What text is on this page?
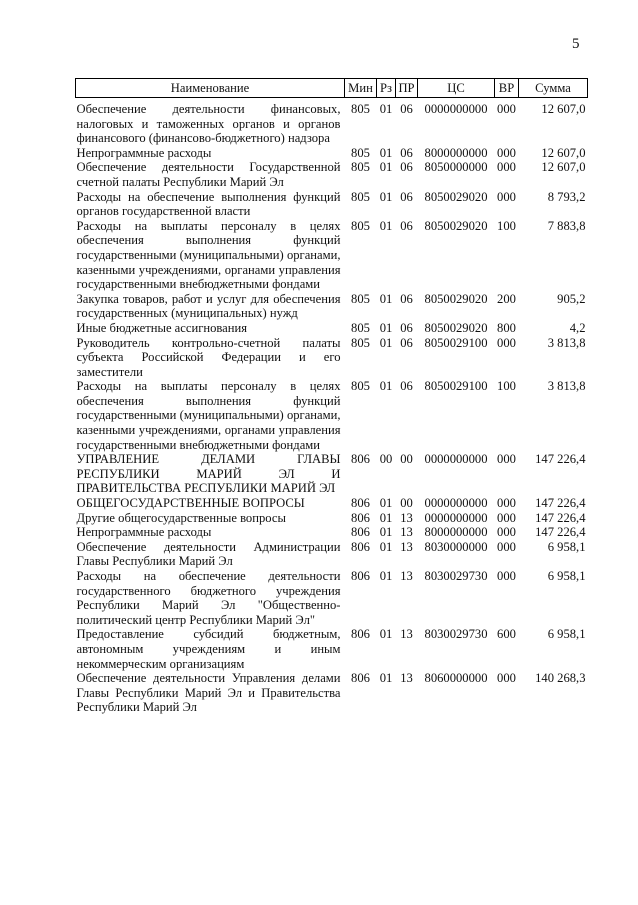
5
Наименование	Мин	Рз	ПР	ЦС	ВР	Сумма
Обеспечение деятельности финансовых, налоговых и таможенных органов и органов финансового (финансово-бюджетного) надзора	805	01	06	0000000000	000	12 607,0
Непрограммные расходы	805	01	06	8000000000	000	12 607,0
Обеспечение деятельности Государственной счетной палаты Республики Марий Эл	805	01	06	8050000000	000	12 607,0
Расходы на обеспечение выполнения функций органов государственной власти	805	01	06	8050029020	000	8 793,2
Расходы на выплаты персоналу в целях обеспечения выполнения функций государственными (муниципальными) органами, казенными учреждениями, органами управления государственными внебюджетными фондами	805	01	06	8050029020	100	7 883,8
Закупка товаров, работ и услуг для обеспечения государственных (муниципальных) нужд	805	01	06	8050029020	200	905,2
Иные бюджетные ассигнования	805	01	06	8050029020	800	4,2
Руководитель контрольно-счетной палаты субъекта Российской Федерации и его заместители	805	01	06	8050029100	000	3 813,8
Расходы на выплаты персоналу в целях обеспечения выполнения функций государственными (муниципальными) органами, казенными учреждениями, органами управления государственными внебюджетными фондами	805	01	06	8050029100	100	3 813,8
УПРАВЛЕНИЕ ДЕЛАМИ ГЛАВЫ РЕСПУБЛИКИ МАРИЙ ЭЛ И ПРАВИТЕЛЬСТВА РЕСПУБЛИКИ МАРИЙ ЭЛ	806	00	00	0000000000	000	147 226,4
ОБЩЕГОСУДАРСТВЕННЫЕ ВОПРОСЫ	806	01	00	0000000000	000	147 226,4
Другие общегосударственные вопросы	806	01	13	0000000000	000	147 226,4
Непрограммные расходы	806	01	13	8000000000	000	147 226,4
Обеспечение деятельности Администрации Главы Республики Марий Эл	806	01	13	8030000000	000	6 958,1
Расходы на обеспечение деятельности государственного бюджетного учреждения Республики Марий Эл "Общественно-политический центр Республики Марий Эл"	806	01	13	8030029730	000	6 958,1
Предоставление субсидий бюджетным, автономным учреждениям и иным некоммерческим организациям	806	01	13	8030029730	600	6 958,1
Обеспечение деятельности Управления делами Главы Республики Марий Эл и Правительства Республики Марий Эл	806	01	13	8060000000	000	140 268,3
